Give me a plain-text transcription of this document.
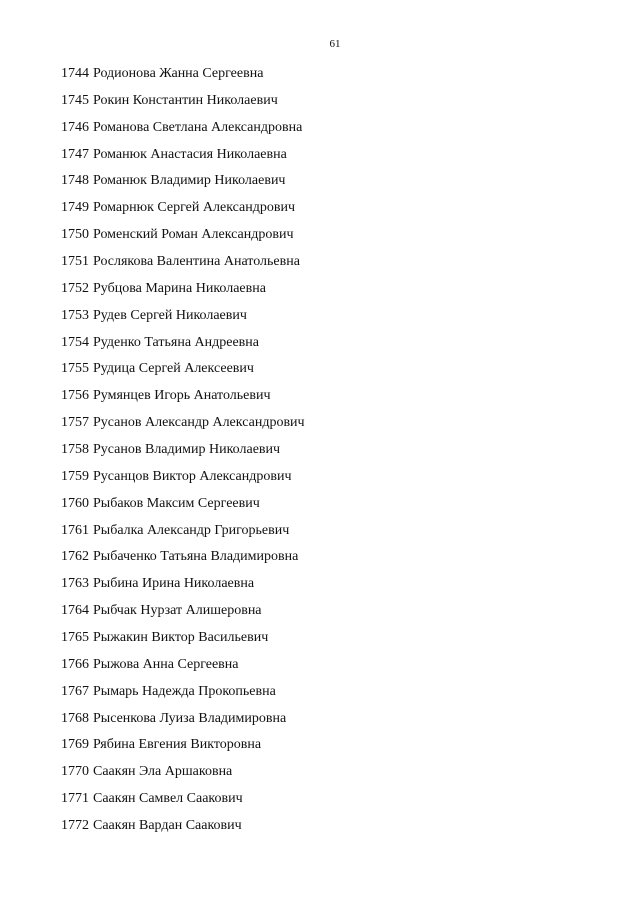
61
1744 Родионова Жанна Сергеевна
1745 Рокин Константин Николаевич
1746 Романова Светлана Александровна
1747 Романюк Анастасия Николаевна
1748 Романюк Владимир Николаевич
1749 Ромарнюк Сергей Александрович
1750 Роменский Роман Александрович
1751 Рослякова Валентина Анатольевна
1752 Рубцова Марина Николаевна
1753 Рудев Сергей Николаевич
1754 Руденко Татьяна Андреевна
1755 Рудица Сергей Алексеевич
1756 Румянцев Игорь Анатольевич
1757 Русанов Александр Александрович
1758 Русанов Владимир Николаевич
1759 Русанцов Виктор Александрович
1760 Рыбаков Максим Сергеевич
1761 Рыбалка Александр Григорьевич
1762 Рыбаченко Татьяна Владимировна
1763 Рыбина Ирина Николаевна
1764 Рыбчак Нурзат Алишеровна
1765 Рыжакин Виктор Васильевич
1766 Рыжова Анна Сергеевна
1767 Рымарь Надежда Прокопьевна
1768 Рысенкова Луиза Владимировна
1769 Рябина Евгения Викторовна
1770 Саакян Эла Аршаковна
1771 Саакян Самвел Саакович
1772 Саакян Вардан Саакович
